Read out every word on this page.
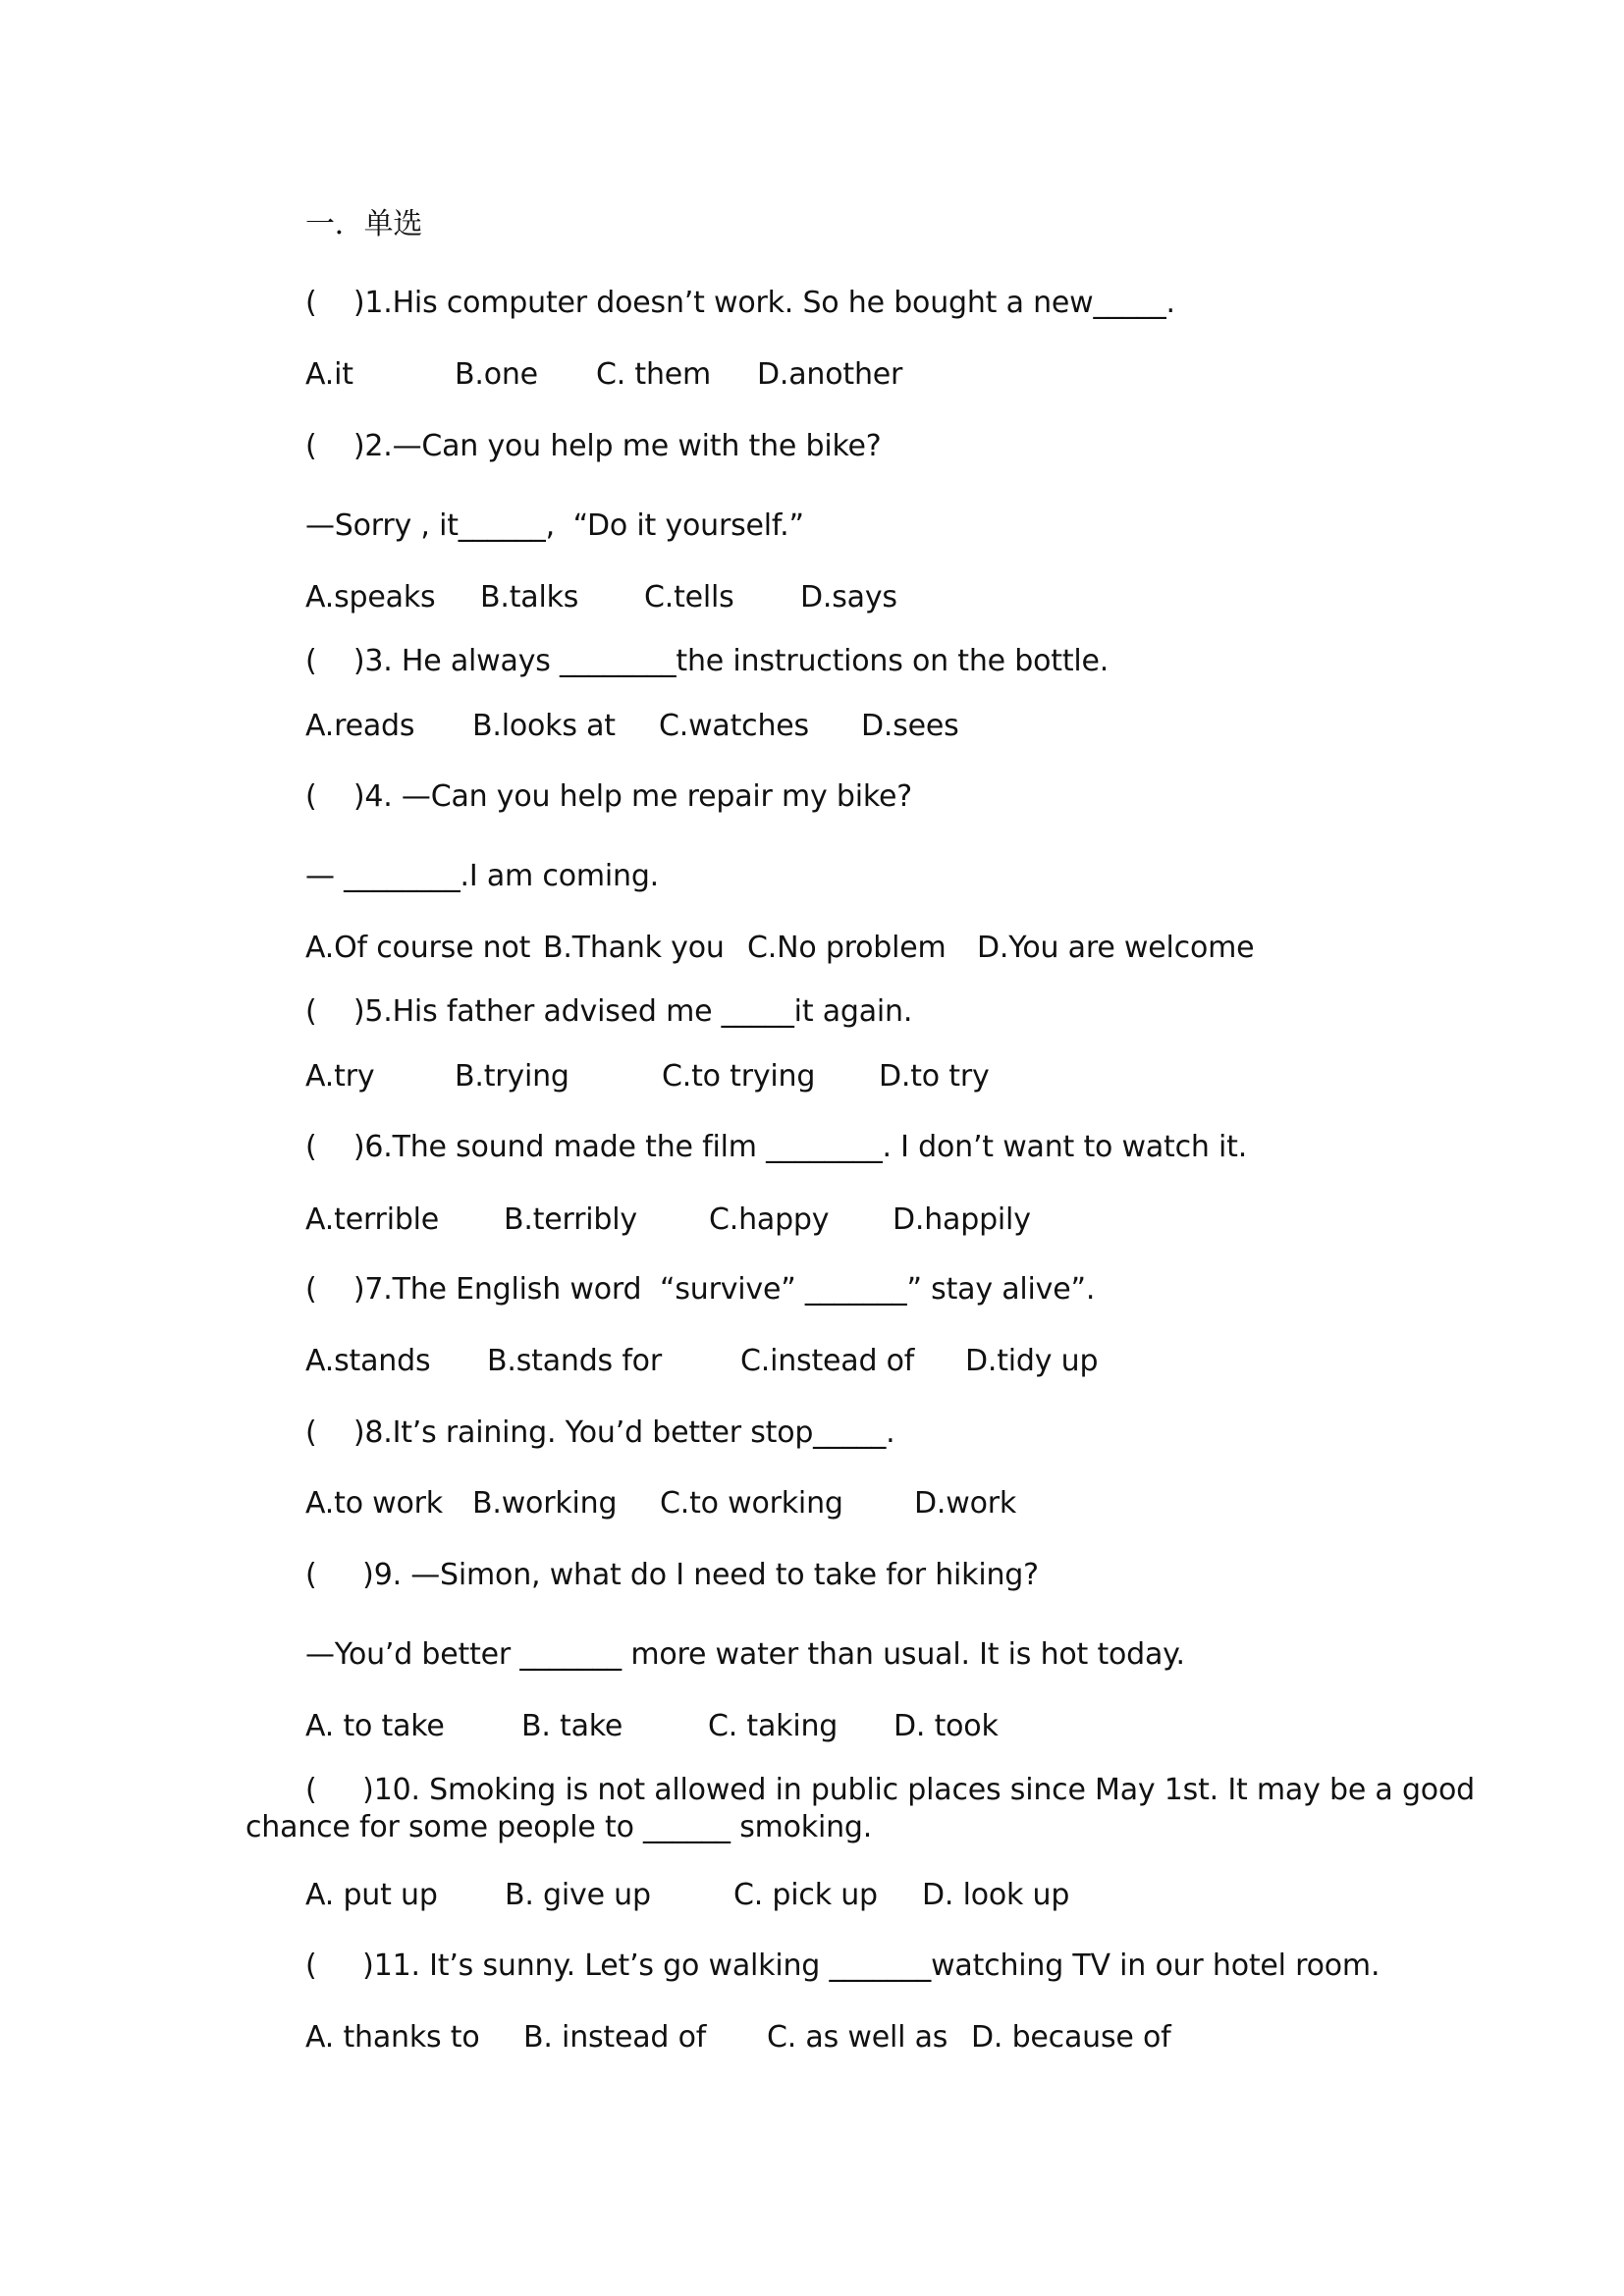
一．单选
(    )1.His computer doesn’t work. So he bought a new_____.
A.it	B.one C. them D.another
(    )2.—Can you help me with the bike?
—Sorry , it______,  “Do it yourself.”
A.speaks B.talks C.tells D.says
(    )3. He always ________the instructions on the bottle.
A.reads B.looks at C.watches D.sees
(    )4. —Can you help me repair my bike?
— ________.I am coming.
A.Of course not B.Thank you C.No problem D.You are welcome
(    )5.His father advised me _____it again.
A.try	B.trying	C.to trying D.to try
(    )6.The sound made the film ________. I don’t want to watch it.
A.terrible B.terribly C.happy D.happily
(    )7.The English word  “survive” _______” stay alive”.
A.stands B.stands for	C.instead of D.tidy up
(    )8.It’s raining. You’d better stop_____.
A.to work B.working C.to working D.work
(     )9. —Simon, what do I need to take for hiking?
—You’d better _______ more water than usual. It is hot today.
A. to take	B. take	C. taking D. took
(     )10. Smoking is not allowed in public places since May 1st. It may be a good
chance for some people to ______ smoking.
A. put up B. give up	C. pick up D. look up
(     )11. It’s sunny. Let’s go walking _______watching TV in our hotel room.
A. thanks to B. instead of C. as well as D. because of
